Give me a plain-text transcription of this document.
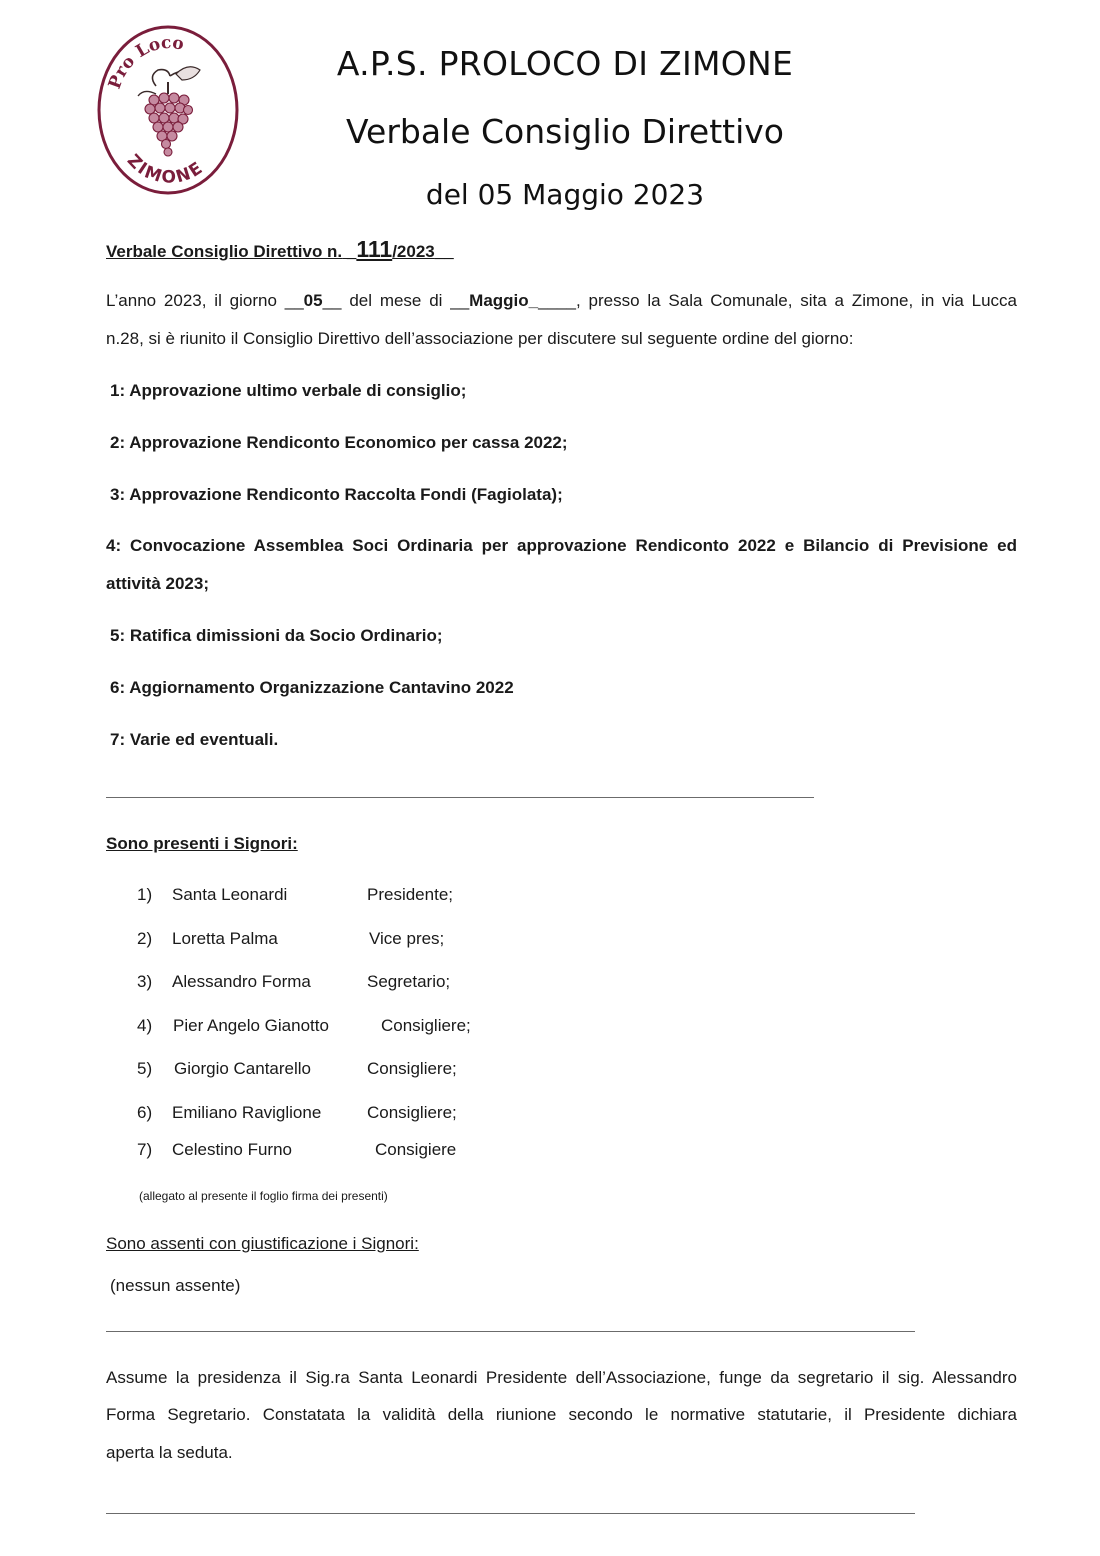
Pro Loco
ZIMONE
A.P.S. PROLOCO DI ZIMONE
Verbale Consiglio Direttivo
del 05 Maggio 2023
Verbale Consiglio Direttivo n. _111/2023__
L’anno 2023, il giorno __05__ del mese di __Maggio_____, presso la Sala Comunale, sita a Zimone, in via Lucca
n.28, si è riunito il Consiglio Direttivo dell’associazione per discutere sul seguente ordine del giorno:
1: Approvazione ultimo verbale di consiglio;
2: Approvazione Rendiconto Economico per cassa 2022;
3: Approvazione Rendiconto Raccolta Fondi (Fagiolata);
4: Convocazione Assemblea Soci Ordinaria per approvazione Rendiconto 2022 e Bilancio di Previsione ed
attività 2023;
5: Ratifica dimissioni da Socio Ordinario;
6: Aggiornamento Organizzazione Cantavino 2022
7: Varie ed eventuali.
Sono presenti i Signori:
1)	Santa Leonardi	Presidente;
2)	Loretta Palma	Vice pres;
3)	Alessandro Forma	Segretario;
4)	Pier Angelo Gianotto	Consigliere;
5)	Giorgio Cantarello	Consigliere;
6)	Emiliano Raviglione	Consigliere;
7)	Celestino Furno	Consigiere
(allegato al presente il foglio firma dei presenti)
Sono assenti con giustificazione i Signori:
(nessun assente)
Assume la presidenza il Sig.ra Santa Leonardi Presidente dell’Associazione, funge da segretario il sig. Alessandro
Forma Segretario. Constatata la validità della riunione secondo le normative statutarie, il Presidente dichiara
aperta la seduta.
